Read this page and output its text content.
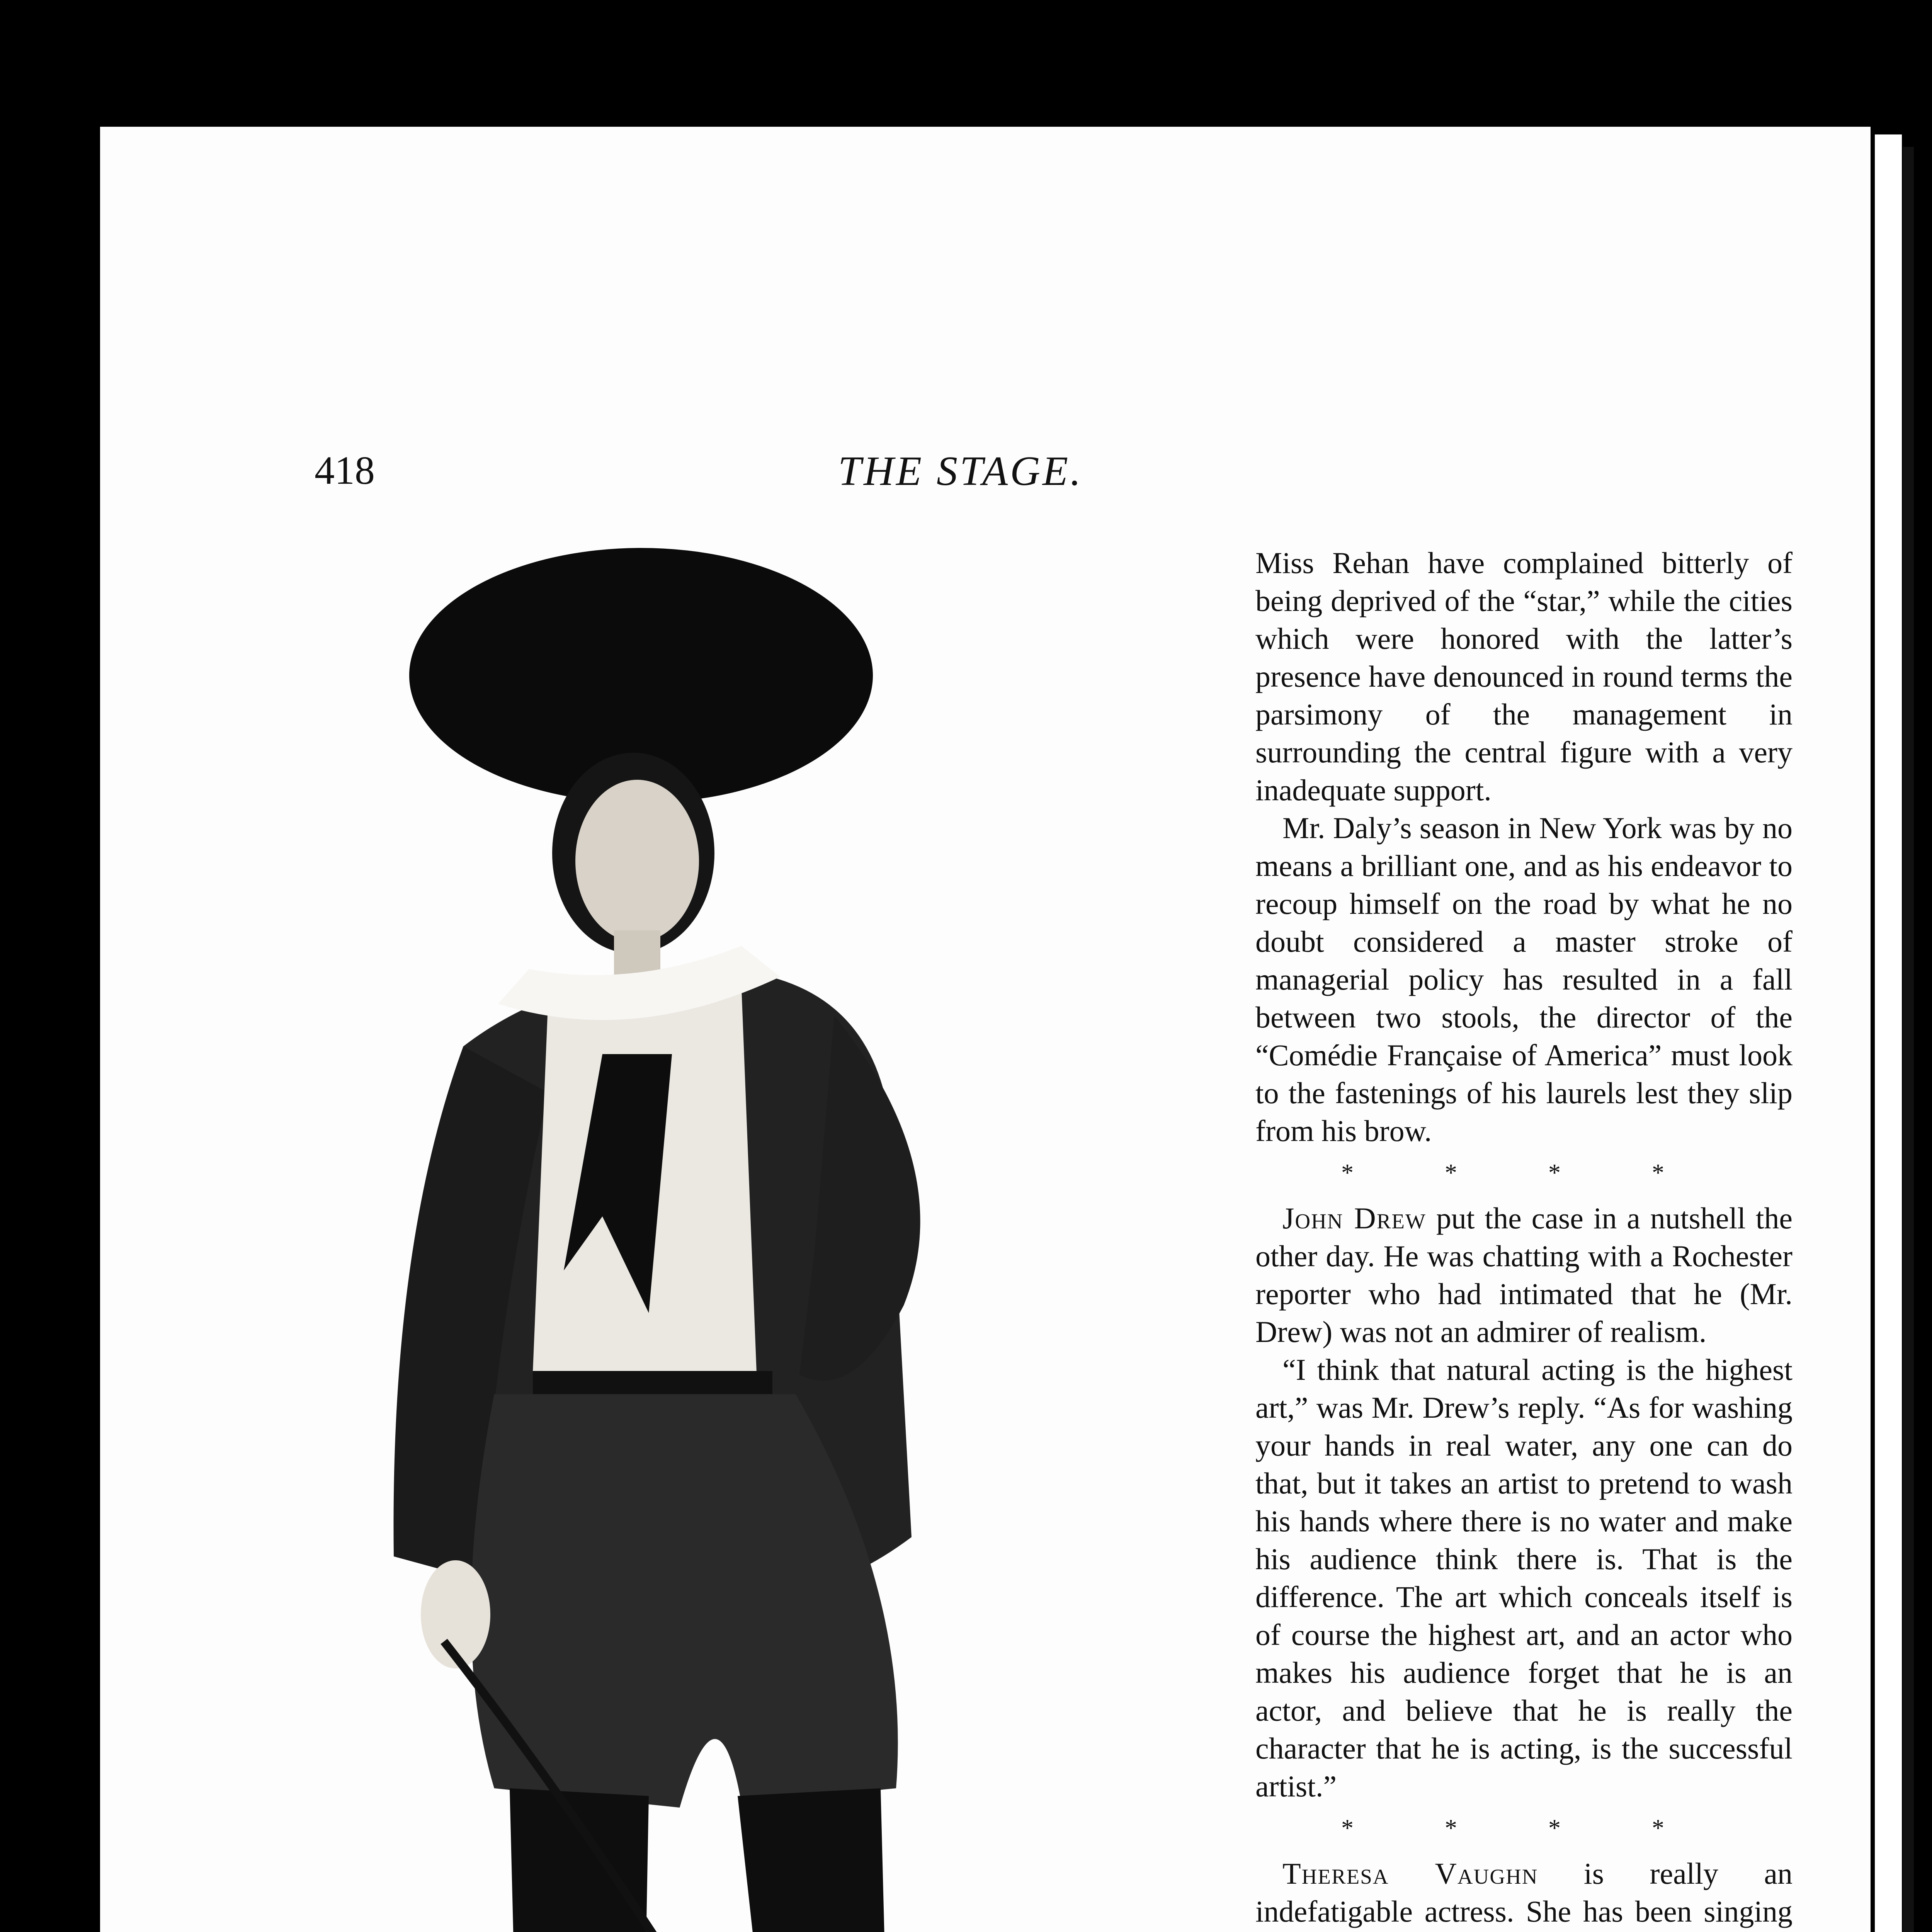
418	THE STAGE.

Miss Rehan have complained bitterly of being deprived of the “star,” while the cities which were honored with the latter’s presence have denounced in round terms the parsimony of the management in surrounding the central figure with a very inadequate support.

Mr. Daly’s season in New York was by no means a brilliant one, and as his endeavor to recoup himself on the road by what he no doubt considered a master stroke of managerial policy has resulted in a fall between two stools, the director of the “Comédie Française of America” must look to the fastenings of his laurels lest they slip from his brow.

* * * *

John Drew put the case in a nutshell the other day. He was chatting with a Rochester reporter who had intimated that he (Mr. Drew) was not an admirer of realism.

“I think that natural acting is the highest art,” was Mr. Drew’s reply. “As for washing your hands in real water, any one can do that, but it takes an artist to pretend to wash his hands where there is no water and make his audience think there is. That is the difference. The art which conceals itself is of course the highest art, and an actor who makes his audience forget that he is an actor, and believe that he is really the character that he is acting, is the successful artist.”

* * * *

Theresa Vaughn is really an indefatigable actress. She has been singing
